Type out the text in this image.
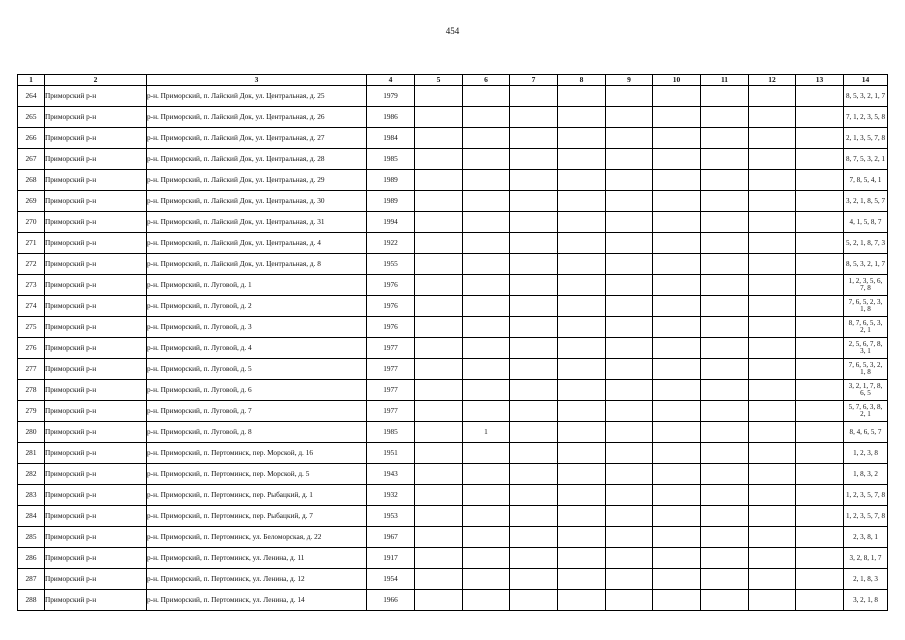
454
1	2	3	4	5	6	7	8	9	10	11	12	13	14
264	Приморский р-н	р-н. Приморский, п. Лайский Док, ул. Центральная, д. 25	1979										8, 5, 3, 2, 1, 7

265	Приморский р-н	р-н. Приморский, п. Лайский Док, ул. Центральная, д. 26	1986										7, 1, 2, 3, 5, 8

266	Приморский р-н	р-н. Приморский, п. Лайский Док, ул. Центральная, д. 27	1984										2, 1, 3, 5, 7, 8

267	Приморский р-н	р-н. Приморский, п. Лайский Док, ул. Центральная, д. 28	1985										8, 7, 5, 3, 2, 1

268	Приморский р-н	р-н. Приморский, п. Лайский Док, ул. Центральная, д. 29	1989										7, 8, 5, 4, 1

269	Приморский р-н	р-н. Приморский, п. Лайский Док, ул. Центральная, д. 30	1989										3, 2, 1, 8, 5, 7

270	Приморский р-н	р-н. Приморский, п. Лайский Док, ул. Центральная, д. 31	1994										4, 1, 5, 8, 7

271	Приморский р-н	р-н. Приморский, п. Лайский Док, ул. Центральная, д. 4	1922										5, 2, 1, 8, 7, 3

272	Приморский р-н	р-н. Приморский, п. Лайский Док, ул. Центральная, д. 8	1955										8, 5, 3, 2, 1, 7

273	Приморский р-н	р-н. Приморский, п. Луговой, д. 1	1976										1, 2, 3, 5, 6, 7, 8

274	Приморский р-н	р-н. Приморский, п. Луговой, д. 2	1976										7, 6, 5, 2, 3, 1, 8

275	Приморский р-н	р-н. Приморский, п. Луговой, д. 3	1976										8, 7, 6, 5, 3, 2, 1

276	Приморский р-н	р-н. Приморский, п. Луговой, д. 4	1977										2, 5, 6, 7, 8, 3, 1

277	Приморский р-н	р-н. Приморский, п. Луговой, д. 5	1977										7, 6, 5, 3, 2, 1, 8

278	Приморский р-н	р-н. Приморский, п. Луговой, д. 6	1977										3, 2, 1, 7, 8, 6, 5

279	Приморский р-н	р-н. Приморский, п. Луговой, д. 7	1977										5, 7, 6, 3, 8, 2, 1

280	Приморский р-н	р-н. Приморский, п. Луговой, д. 8	1985		1								8, 4, 6, 5, 7

281	Приморский р-н	р-н. Приморский, п. Пертоминск, пер. Морской, д. 16	1951										1, 2, 3, 8

282	Приморский р-н	р-н. Приморский, п. Пертоминск, пер. Морской, д. 5	1943										1, 8, 3, 2

283	Приморский р-н	р-н. Приморский, п. Пертоминск, пер. Рыбацкий, д. 1	1932										1, 2, 3, 5, 7, 8

284	Приморский р-н	р-н. Приморский, п. Пертоминск, пер. Рыбацкий, д. 7	1953										1, 2, 3, 5, 7, 8

285	Приморский р-н	р-н. Приморский, п. Пертоминск, ул. Беломорская, д. 22	1967										2, 3, 8, 1

286	Приморский р-н	р-н. Приморский, п. Пертоминск, ул. Ленина, д. 11	1917										3, 2, 8, 1, 7

287	Приморский р-н	р-н. Приморский, п. Пертоминск, ул. Ленина, д. 12	1954										2, 1, 8, 3

288	Приморский р-н	р-н. Приморский, п. Пертоминск, ул. Ленина, д. 14	1966										3, 2, 1, 8
